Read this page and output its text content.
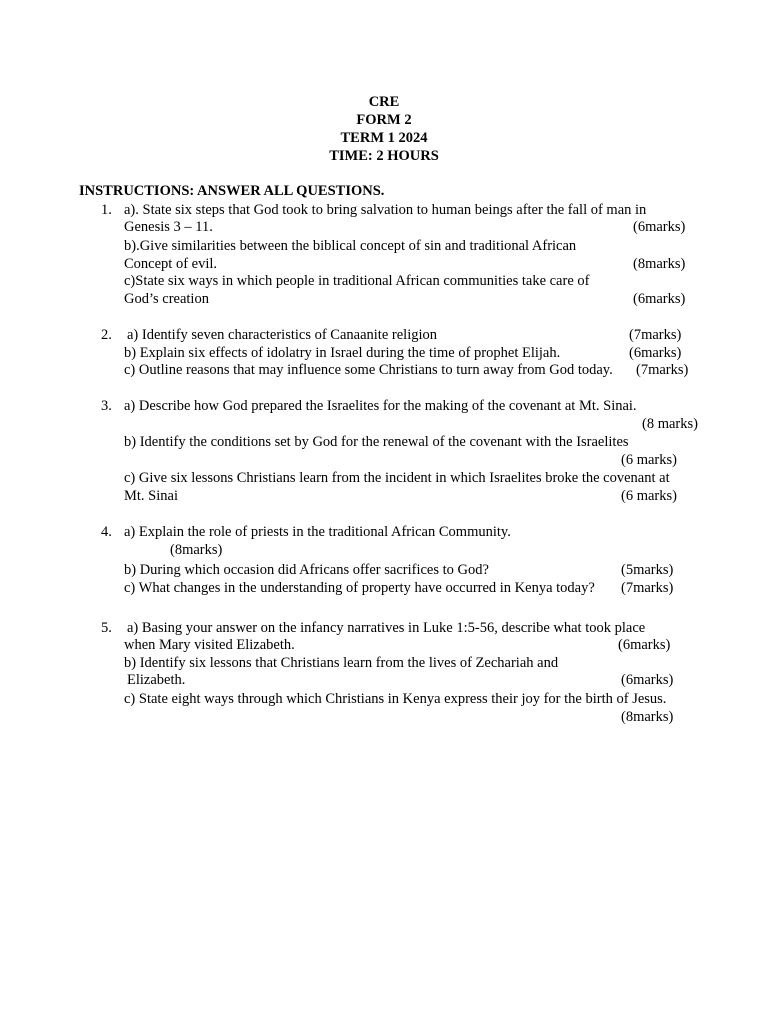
CRE
FORM 2
TERM 1 2024
TIME: 2 HOURS
INSTRUCTIONS: ANSWER ALL QUESTIONS.
1. a). State six steps that God took to bring salvation to human beings after the fall of man in
Genesis 3 – 11.	(6marks)
b).Give similarities between the biblical concept of sin and traditional African
Concept of evil.	(8marks)
c)State six ways in which people in traditional African communities take care of
God’s creation	(6marks)
2. a) Identify seven characteristics of Canaanite religion	(7marks)
b) Explain six effects of idolatry in Israel during the time of prophet Elijah.	(6marks)
c) Outline reasons that may influence some Christians to turn away from God today. (7marks)
3. a) Describe how God prepared the Israelites for the making of the covenant at Mt. Sinai.
(8 marks)
b) Identify the conditions set by God for the renewal of the covenant with the Israelites
(6 marks)
c) Give six lessons Christians learn from the incident in which Israelites broke the covenant at
Mt. Sinai	(6 marks)
4. a) Explain the role of priests in the traditional African Community.
(8marks)
b) During which occasion did Africans offer sacrifices to God?	(5marks)
c) What changes in the understanding of property have occurred in Kenya today? (7marks)
5. a) Basing your answer on the infancy narratives in Luke 1:5-56, describe what took place
when Mary visited Elizabeth.	(6marks)
b) Identify six lessons that Christians learn from the lives of Zechariah and
Elizabeth.	(6marks)
c) State eight ways through which Christians in Kenya express their joy for the birth of Jesus.
(8marks)
